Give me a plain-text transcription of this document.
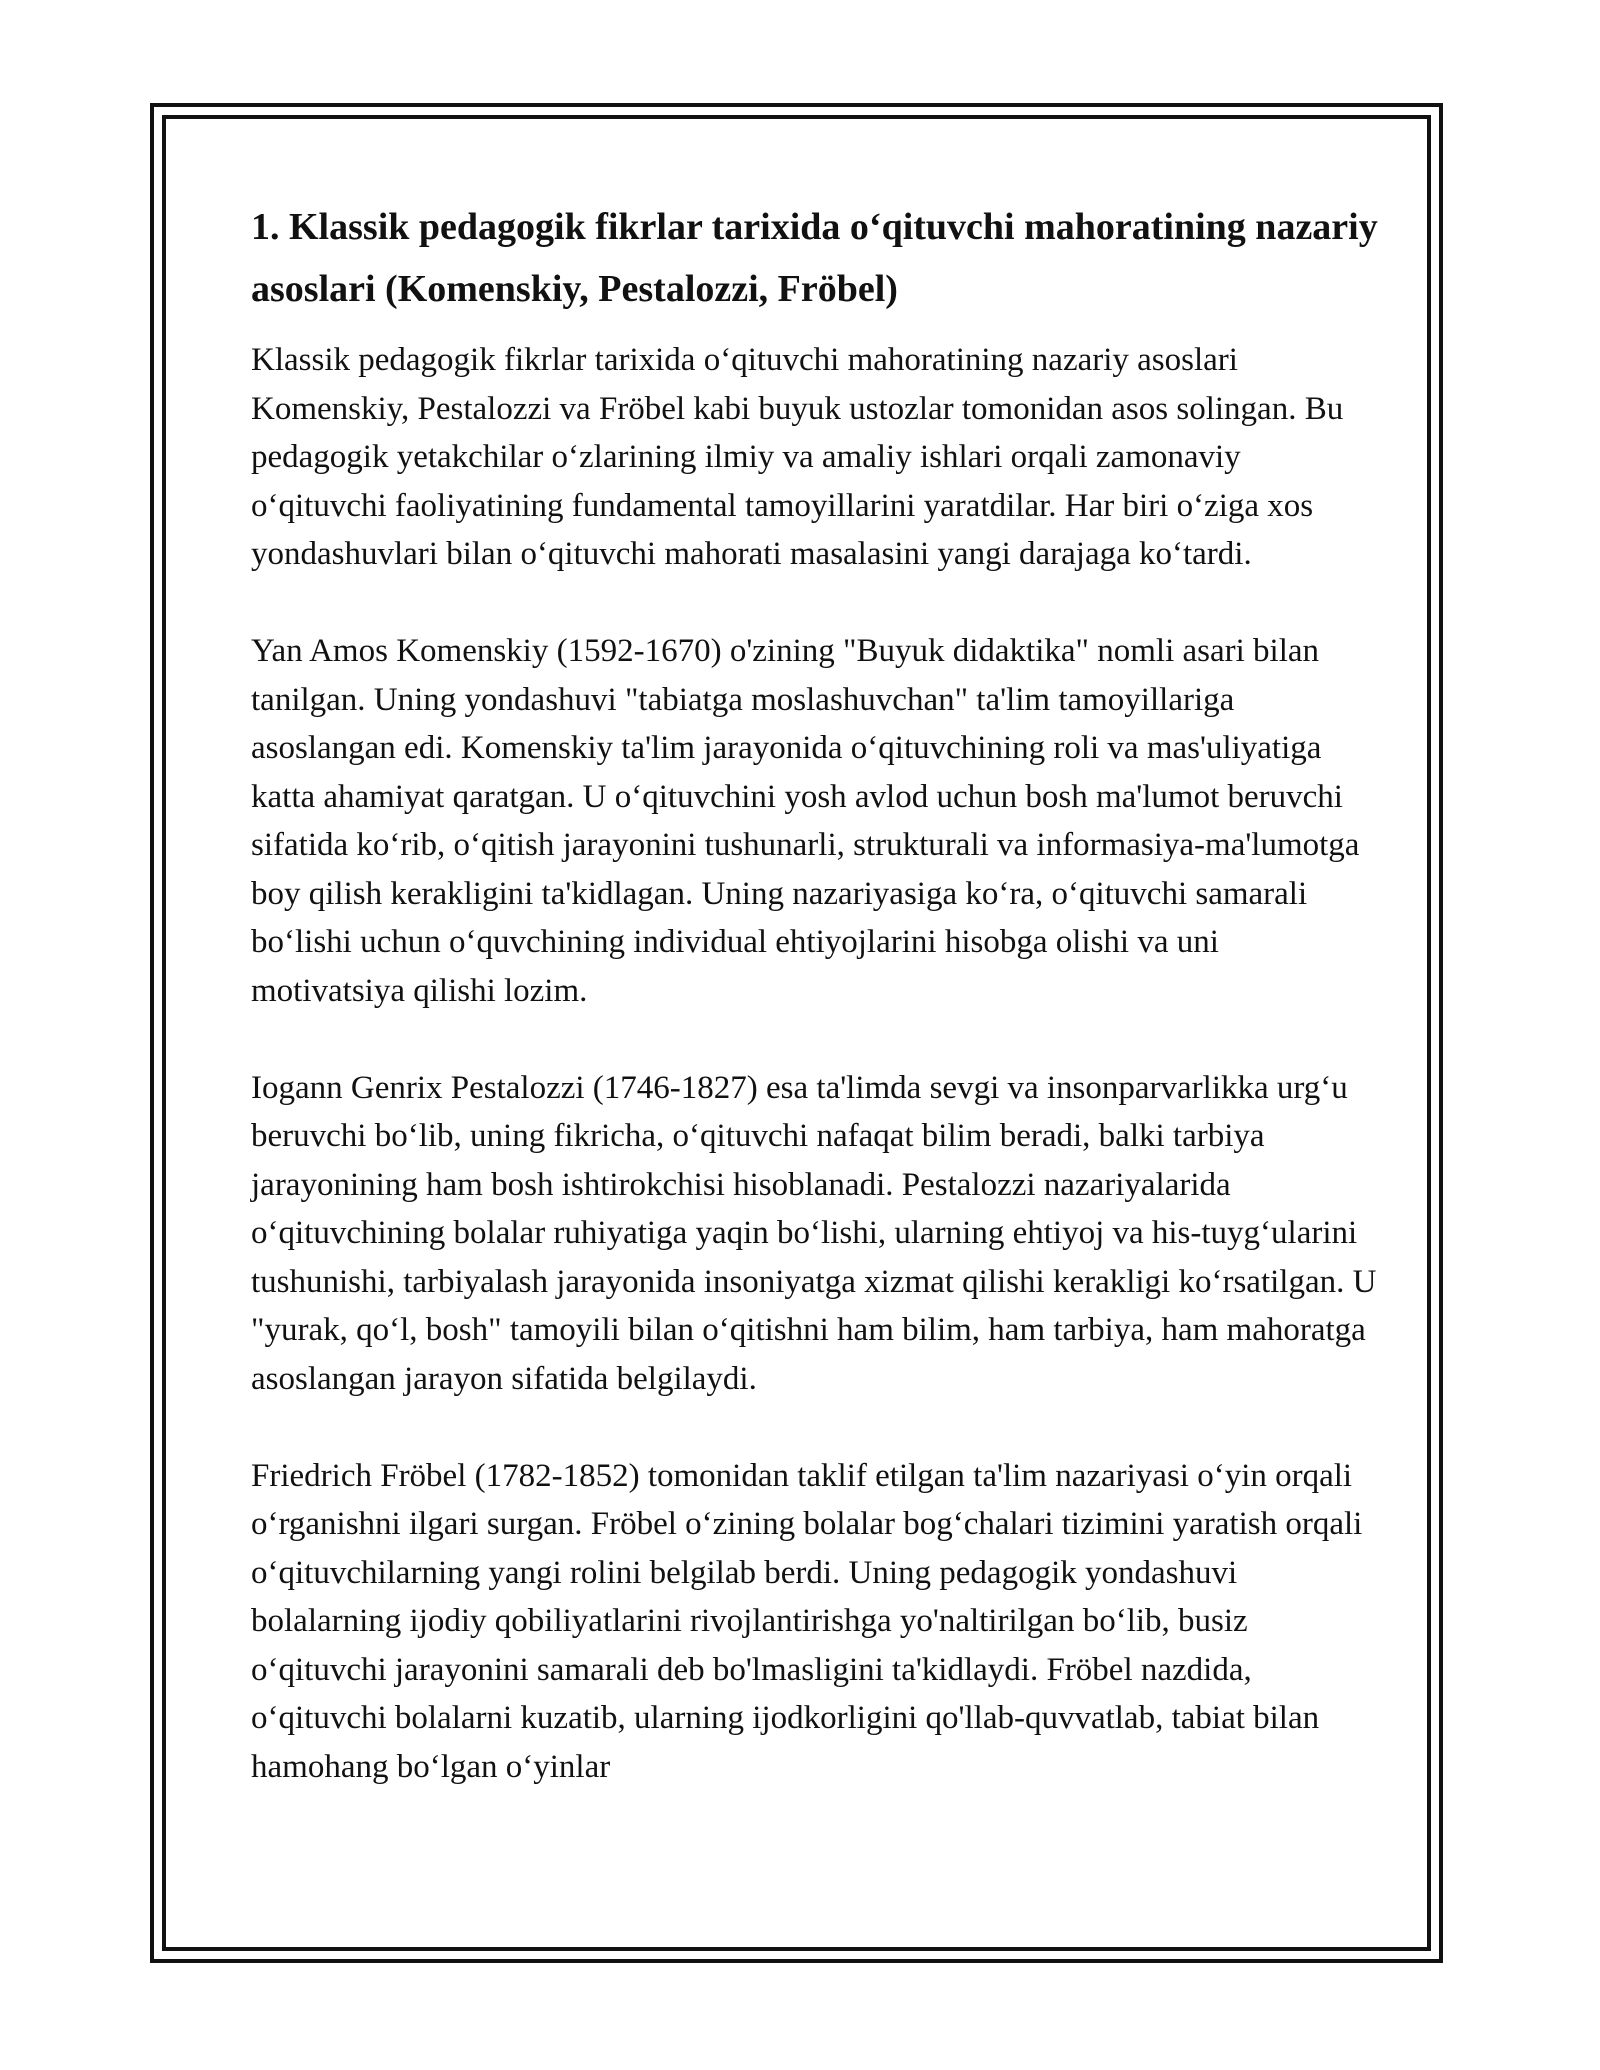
1. Klassik pedagogik fikrlar tarixida o‘qituvchi mahoratining nazariy asoslari (Komenskiy, Pestalozzi, Fröbel)

Klassik pedagogik fikrlar tarixida o‘qituvchi mahoratining nazariy asoslari Komenskiy, Pestalozzi va Fröbel kabi buyuk ustozlar tomonidan asos solingan. Bu pedagogik yetakchilar o‘zlarining ilmiy va amaliy ishlari orqali zamonaviy o‘qituvchi faoliyatining fundamental tamoyillarini yaratdilar. Har biri o‘ziga xos yondashuvlari bilan o‘qituvchi mahorati masalasini yangi darajaga ko‘tardi.

Yan Amos Komenskiy (1592-1670) o'zining "Buyuk didaktika" nomli asari bilan tanilgan. Uning yondashuvi "tabiatga moslashuvchan" ta'lim tamoyillariga asoslangan edi. Komenskiy ta'lim jarayonida o‘qituvchining roli va mas'uliyatiga katta ahamiyat qaratgan. U o‘qituvchini yosh avlod uchun bosh ma'lumot beruvchi sifatida ko‘rib, o‘qitish jarayonini tushunarli, strukturali va informasiya-ma'lumotga boy qilish kerakligini ta'kidlagan. Uning nazariyasiga ko‘ra, o‘qituvchi samarali bo‘lishi uchun o‘quvchining individual ehtiyojlarini hisobga olishi va uni motivatsiya qilishi lozim.

Iogann Genrix Pestalozzi (1746-1827) esa ta'limda sevgi va insonparvarlikka urg‘u beruvchi bo‘lib, uning fikricha, o‘qituvchi nafaqat bilim beradi, balki tarbiya jarayonining ham bosh ishtirokchisi hisoblanadi. Pestalozzi nazariyalarida o‘qituvchining bolalar ruhiyatiga yaqin bo‘lishi, ularning ehtiyoj va his-tuyg‘ularini tushunishi, tarbiyalash jarayonida insoniyatga xizmat qilishi kerakligi ko‘rsatilgan. U "yurak, qo‘l, bosh" tamoyili bilan o‘qitishni ham bilim, ham tarbiya, ham mahoratga asoslangan jarayon sifatida belgilaydi.

Friedrich Fröbel (1782-1852) tomonidan taklif etilgan ta'lim nazariyasi o‘yin orqali o‘rganishni ilgari surgan. Fröbel o‘zining bolalar bog‘chalari tizimini yaratish orqali o‘qituvchilarning yangi rolini belgilab berdi. Uning pedagogik yondashuvi bolalarning ijodiy qobiliyatlarini rivojlantirishga yo'naltirilgan bo‘lib, busiz o‘qituvchi jarayonini samarali deb bo'lmasligini ta'kidlaydi. Fröbel nazdida, o‘qituvchi bolalarni kuzatib, ularning ijodkorligini qo'llab-quvvatlab, tabiat bilan hamohang bo‘lgan o‘yinlar
